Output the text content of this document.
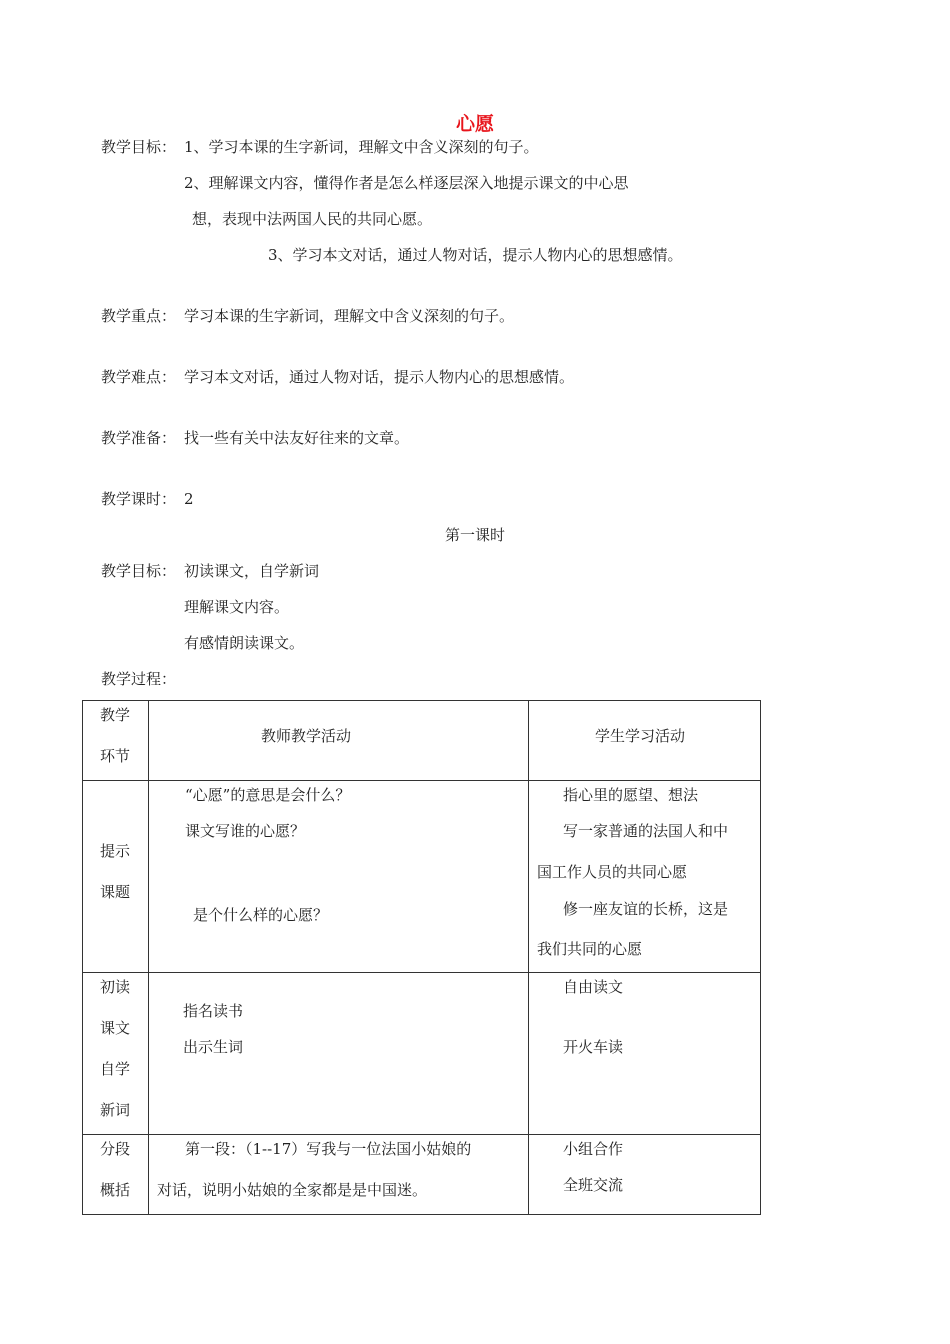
心愿
教学目标： 1、学习本课的生字新词，理解文中含义深刻的句子。
2、理解课文内容，懂得作者是怎么样逐层深入地提示课文的中心思
想，表现中法两国人民的共同心愿。
3、学习本文对话，通过人物对话，提示人物内心的思想感情。
教学重点： 学习本课的生字新词，理解文中含义深刻的句子。
教学难点： 学习本文对话，通过人物对话，提示人物内心的思想感情。
教学准备： 找一些有关中法友好往来的文章。
教学课时： 2
第一课时
教学目标： 初读课文，自学新词
理解课文内容。
有感情朗读课文。
教学过程：
教学
环节	教师教学活动	学生学习活动

提示
课题	“心愿”的意思是会什么？
课文写谁的心愿？
是个什么样的心愿？	指心里的愿望、想法
写一家普通的法国人和中
国工作人员的共同心愿
修一座友谊的长桥，这是
我们共同的心愿

初读
课文
自学
新词	指名读书
出示生词	自由读文
开火车读

分段
概括	第一段：（1--17）写我与一位法国小姑娘的
对话，说明小姑娘的全家都是是中国迷。	小组合作
全班交流
